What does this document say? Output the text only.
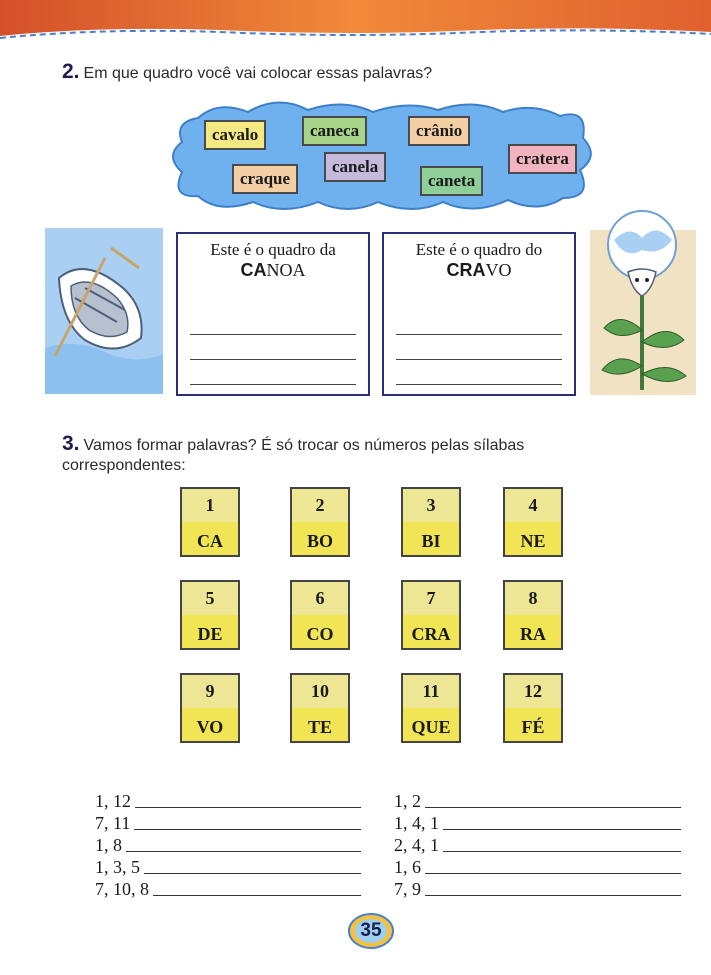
2. Em que quadro você vai colocar essas palavras?
cavalo	caneca	crânio
canela	cratera
craque	caneta
Este é o quadro da
CANOA
Este é o quadro do
CRAVO
3. Vamos formar palavras? É só trocar os números pelas sílabas correspondentes:
1
CA
2
BO
3
BI
4
NE
5
DE
6
CO
7
CRA
8
RA
9
VO
10
TE
11
QUE
12
FÉ
1, 12
7, 11
1, 8
1, 3, 5
7, 10, 8
1, 2
1, 4, 1
2, 4, 1
1, 6
7, 9
35
